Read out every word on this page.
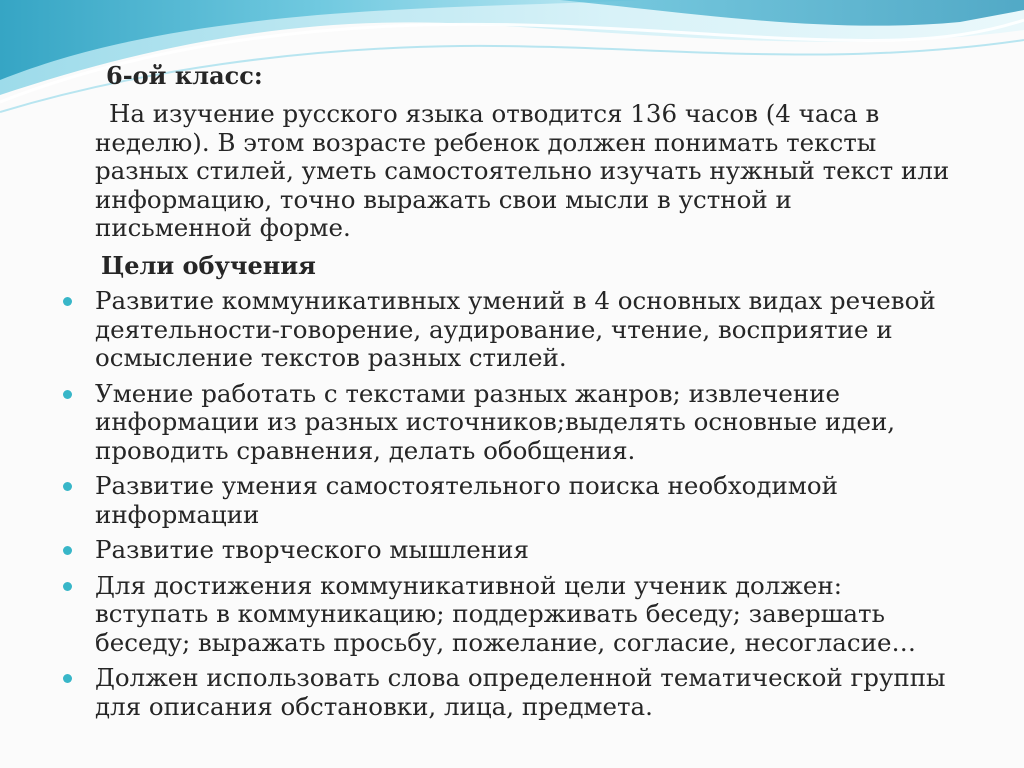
6-ой класс:

На изучение русского языка отводится 136 часов (4 часа в неделю). В этом возрасте ребенок должен понимать тексты разных стилей, уметь самостоятельно изучать нужный текст или информацию, точно выражать свои мысли в устной и письменной форме.

Цели обучения

Развитие коммуникативных умений в 4 основных видах речевой деятельности-говорение, аудирование, чтение, восприятие и осмысление текстов разных стилей.
Умение работать с текстами разных жанров; извлечение информации из разных источников;выделять основные идеи, проводить сравнения, делать обобщения.
Развитие умения самостоятельного поиска необходимой информации
Развитие творческого мышления
Для достижения коммуникативной цели ученик должен: вступать в коммуникацию; поддерживать беседу; завершать беседу; выражать просьбу, пожелание, согласие, несогласие…
Должен использовать слова определенной тематической группы для описания обстановки, лица, предмета.
